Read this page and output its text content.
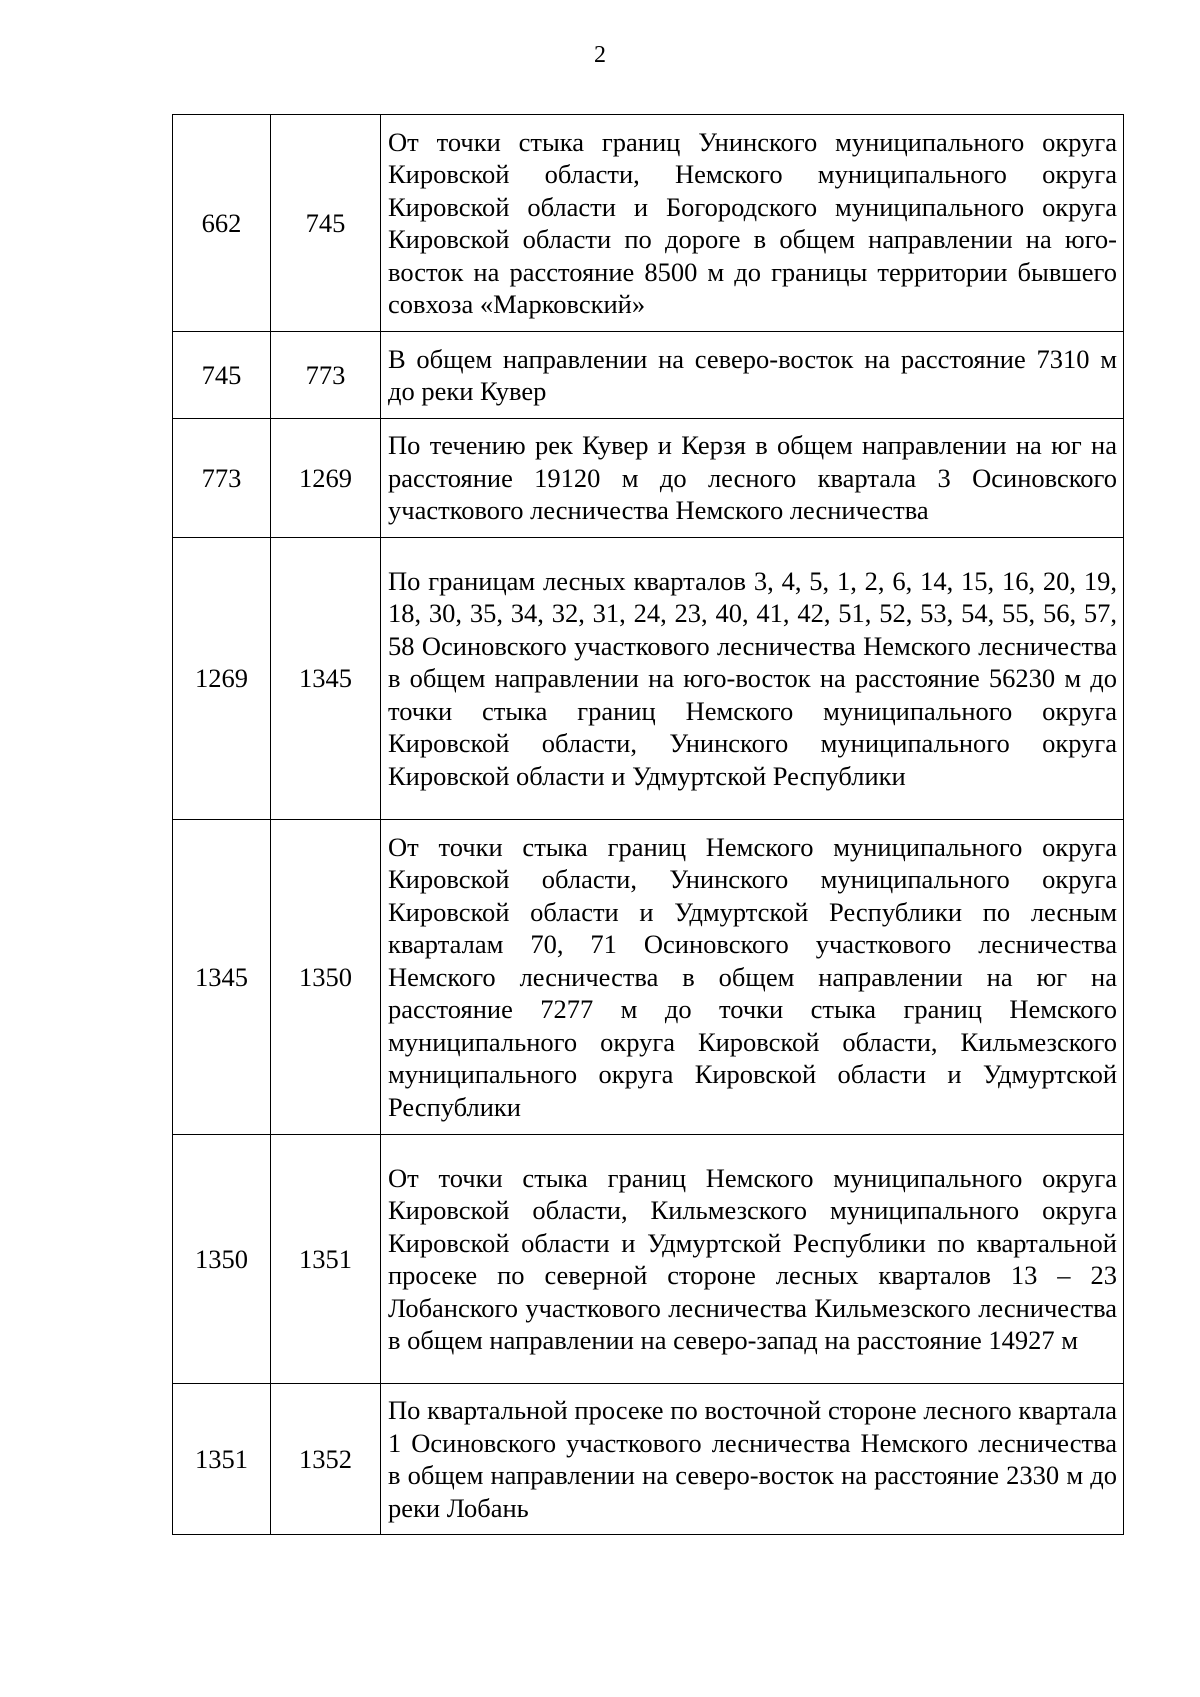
2
662	745	От точки стыка границ Унинского муниципального округа Кировской области, Немского муниципального округа Кировской области и Богородского муниципального округа Кировской области по дороге в общем направлении на юго-восток на расстояние 8500 м до границы территории бывшего совхоза «Марковский»
745	773	В общем направлении на северо-восток на расстояние 7310 м до реки Кувер
773	1269	По течению рек Кувер и Керзя в общем направлении на юг на расстояние 19120 м до лесного квартала 3 Осиновского участкового лесничества Немского лесничества
1269	1345	По границам лесных кварталов 3, 4, 5, 1, 2, 6, 14, 15, 16, 20, 19, 18, 30, 35, 34, 32, 31, 24, 23, 40, 41, 42, 51, 52, 53, 54, 55, 56, 57, 58 Осиновского участкового лесничества Немского лесничества в общем направлении на юго-восток на расстояние 56230 м до точки стыка границ Немского муниципального округа Кировской области, Унинского муниципального округа Кировской области и Удмуртской Республики
1345	1350	От точки стыка границ Немского муниципального округа Кировской области, Унинского муниципального округа Кировской области и Удмуртской Республики по лесным кварталам 70, 71 Осиновского участкового лесничества Немского лесничества в общем направлении на юг на расстояние 7277 м до точки стыка границ Немского муниципального округа Кировской области, Кильмезского муниципального округа Кировской области и Удмуртской Республики
1350	1351	От точки стыка границ Немского муниципального округа Кировской области, Кильмезского муниципального округа Кировской области и Удмуртской Республики по квартальной просеке по северной стороне лесных кварталов 13 – 23 Лобанского участкового лесничества Кильмезского лесничества в общем направлении на северо-запад на расстояние 14927 м
1351	1352	По квартальной просеке по восточной стороне лесного квартала 1 Осиновского участкового лесничества Немского лесничества в общем направлении на северо-восток на расстояние 2330 м до реки Лобань
